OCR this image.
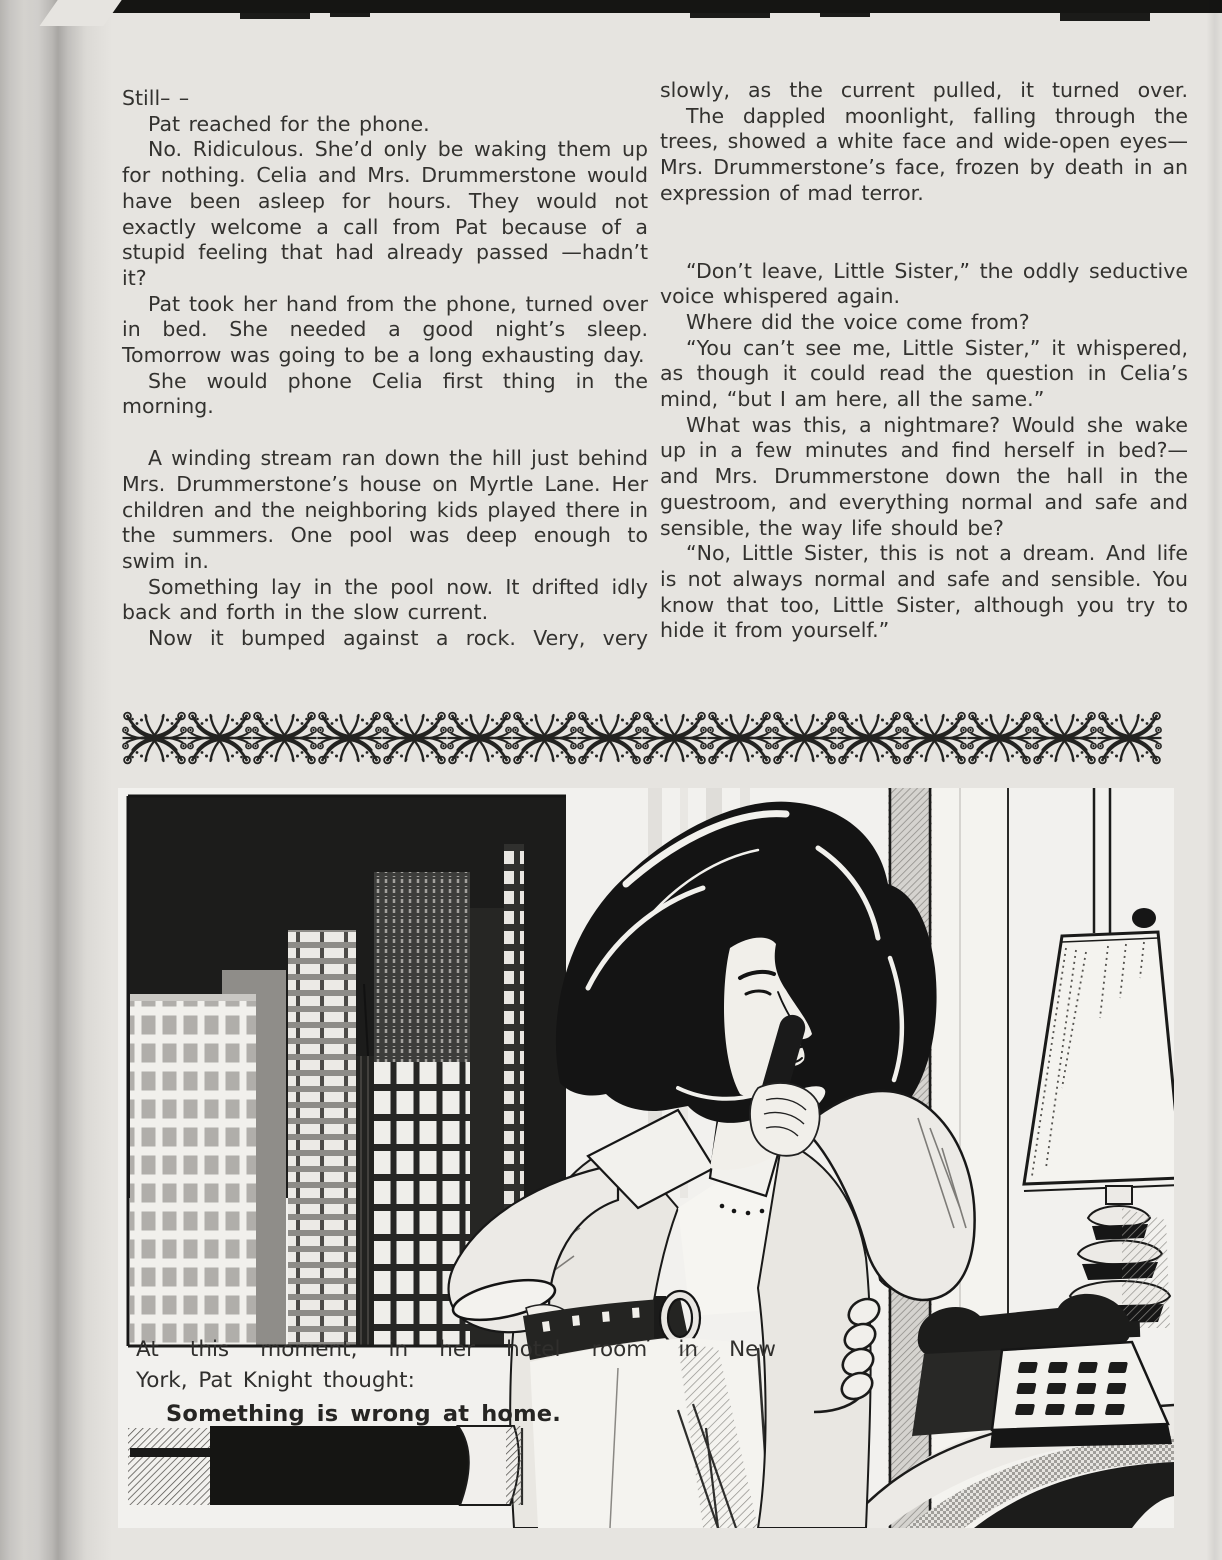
Still– –

Pat reached for the phone.

No. Ridiculous. She’d only be waking them up for nothing. Celia and Mrs. Drummerstone would have been asleep for hours. They would not exactly welcome a call from Pat because of a stupid feeling that had already passed —hadn’t it?

Pat took her hand from the phone, turned over in bed. She needed a good night’s sleep. Tomorrow was going to be a long exhausting day.

She would phone Celia first thing in the morning.

A winding stream ran down the hill just behind Mrs. Drummerstone’s house on Myrtle Lane. Her children and the neighboring kids played there in the summers. One pool was deep enough to swim in.

Something lay in the pool now. It drifted idly back and forth in the slow current.

Now it bumped against a rock. Very, very

slowly, as the current pulled, it turned over.

The dappled moonlight, falling through the trees, showed a white face and wide-open eyes—Mrs. Drummerstone’s face, frozen by death in an expression of mad terror.

“Don’t leave, Little Sister,” the oddly seductive voice whispered again.

Where did the voice come from?

“You can’t see me, Little Sister,” it whispered, as though it could read the question in Celia’s mind, “but I am here, all the same.”

What was this, a nightmare? Would she wake up in a few minutes and find herself in bed?—and Mrs. Drummerstone down the hall in the guestroom, and everything normal and safe and sensible, the way life should be?

“No, Little Sister, this is not a dream. And life is not always normal and safe and sensible. You know that too, Little Sister, although you try to hide it from yourself.”

At this moment, in her hotel room in New
York, Pat Knight thought:

Something is wrong at home.
